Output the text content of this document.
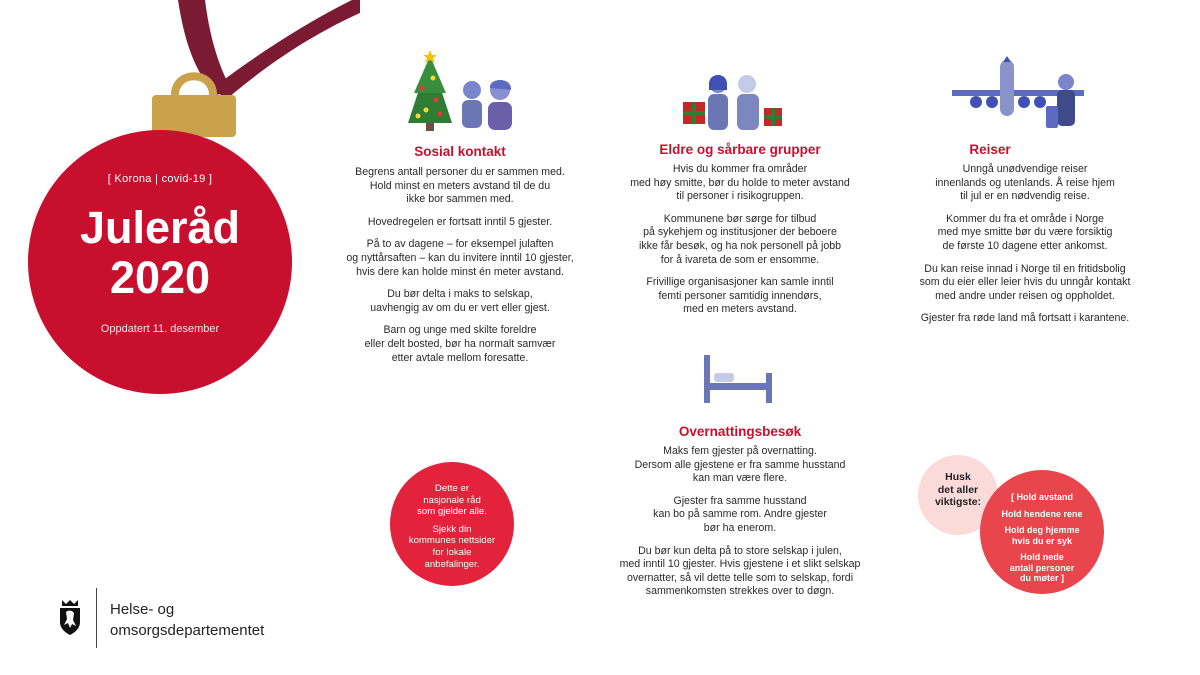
[ Korona | covid-19 ]
Juleråd
2020
Oppdatert 11. desember
Sosial kontakt

Begrens antall personer du er sammen med.
Hold minst en meters avstand til de du
ikke bor sammen med.

Hovedregelen er fortsatt inntil 5 gjester.

På to av dagene – for eksempel julaften
og nyttårsaften – kan du invitere inntil 10 gjester,
hvis dere kan holde minst én meter avstand.

Du bør delta i maks to selskap,
uavhengig av om du er vert eller gjest.

Barn og unge med skilte foreldre
eller delt bosted, bør ha normalt samvær
etter avtale mellom foresatte.

Eldre og sårbare grupper

Hvis du kommer fra områder
med høy smitte, bør du holde to meter avstand
til personer i risikogruppen.

Kommunene bør sørge for tilbud
på sykehjem og institusjoner der beboere
ikke får besøk, og ha nok personell på jobb
for å ivareta de som er ensomme.

Frivillige organisasjoner kan samle inntil
femti personer samtidig innendørs,
med en meters avstand.

Reiser

Unngå unødvendige reiser
innenlands og utenlands. Å reise hjem
til jul er en nødvendig reise.

Kommer du fra et område i Norge
med mye smitte bør du være forsiktig
de første 10 dagene etter ankomst.

Du kan reise innad i Norge til en fritidsbolig
som du eier eller leier hvis du unngår kontakt
med andre under reisen og oppholdet.

Gjester fra røde land må fortsatt i karantene.

Overnattingsbesøk

Maks fem gjester på overnatting.
Dersom alle gjestene er fra samme husstand
kan man være flere.

Gjester fra samme husstand
kan bo på samme rom. Andre gjester
bør ha enerom.

Du bør kun delta på to store selskap i julen,
med inntil 10 gjester. Hvis gjestene i et slikt selskap
overnatter, så vil dette telle som to selskap, fordi
sammenkomsten strekkes over to døgn.

Dette er
nasjonale råd
som gjelder alle.

Sjekk din
kommunes nettsider
for lokale
anbefalinger.

Husk
det aller
viktigste:	[ Hold avstand
Hold hendene rene
Hold deg hjemme
hvis du er syk
Hold nede
antall personer
du møter ]
Helse- og
omsorgsdepartementet
